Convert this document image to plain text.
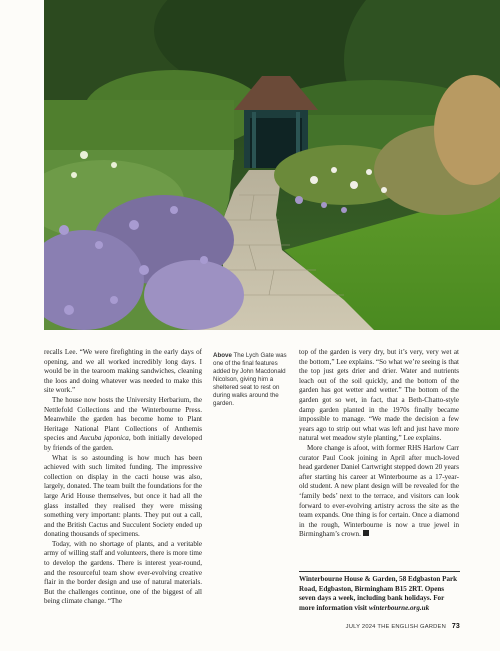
recalls Lee. “We were firefighting in the early days of opening, and we all worked incredibly long days. I would be in the tearoom making sandwiches, cleaning the loos and doing whatever was needed to make this site work.”

The house now hosts the University Herbarium, the Nettlefold Collections and the Winterbourne Press. Meanwhile the garden has become home to Plant Heritage National Plant Collections of Anthemis species and Aucuba japonica, both initially developed by friends of the garden.

What is so astounding is how much has been achieved with such limited funding. The impressive collection on display in the cacti house was also, largely, donated. The team built the foundations for the large Arid House themselves, but once it had all the glass installed they realised they were missing something very important: plants. They put out a call, and the British Cactus and Succulent Society ended up donating thousands of specimens.

Today, with no shortage of plants, and a veritable army of willing staff and volunteers, there is more time to develop the gardens. There is interest year-round, and the resourceful team show ever-evolving creative flair in the border design and use of natural materials. But the challenges continue, one of the biggest of all being climate change. “The

Above The Lych Gate was one of the final features added by John Macdonald Nicolson, giving him a sheltered seat to rest on during walks around the garden.

top of the garden is very dry, but it’s very, very wet at the bottom,” Lee explains. “So what we’re seeing is that the top just gets drier and drier. Water and nutrients leach out of the soil quickly, and the bottom of the garden has got wetter and wetter.” The bottom of the garden got so wet, in fact, that a Beth-Chatto-style damp garden planted in the 1970s finally became impossible to manage. “We made the decision a few years ago to strip out what was left and just have more natural wet meadow style planting,” Lee explains.

More change is afoot, with former RHS Harlow Carr curator Paul Cook joining in April after much-loved head gardener Daniel Cartwright stepped down 20 years after starting his career at Winterbourne as a 17-year-old student. A new plant design will be revealed for the ‘family beds’ next to the terrace, and visitors can look forward to ever-evolving artistry across the site as the team expands. One thing is for certain. Once a diamond in the rough, Winterbourne is now a true jewel in Birmingham’s crown.

Winterbourne House & Garden, 58 Edgbaston Park Road, Edgbaston, Birmingham B15 2RT. Opens seven days a week, including bank holidays. For more information visit winterbourne.org.uk
JULY 2024 THE ENGLISH GARDEN 73
